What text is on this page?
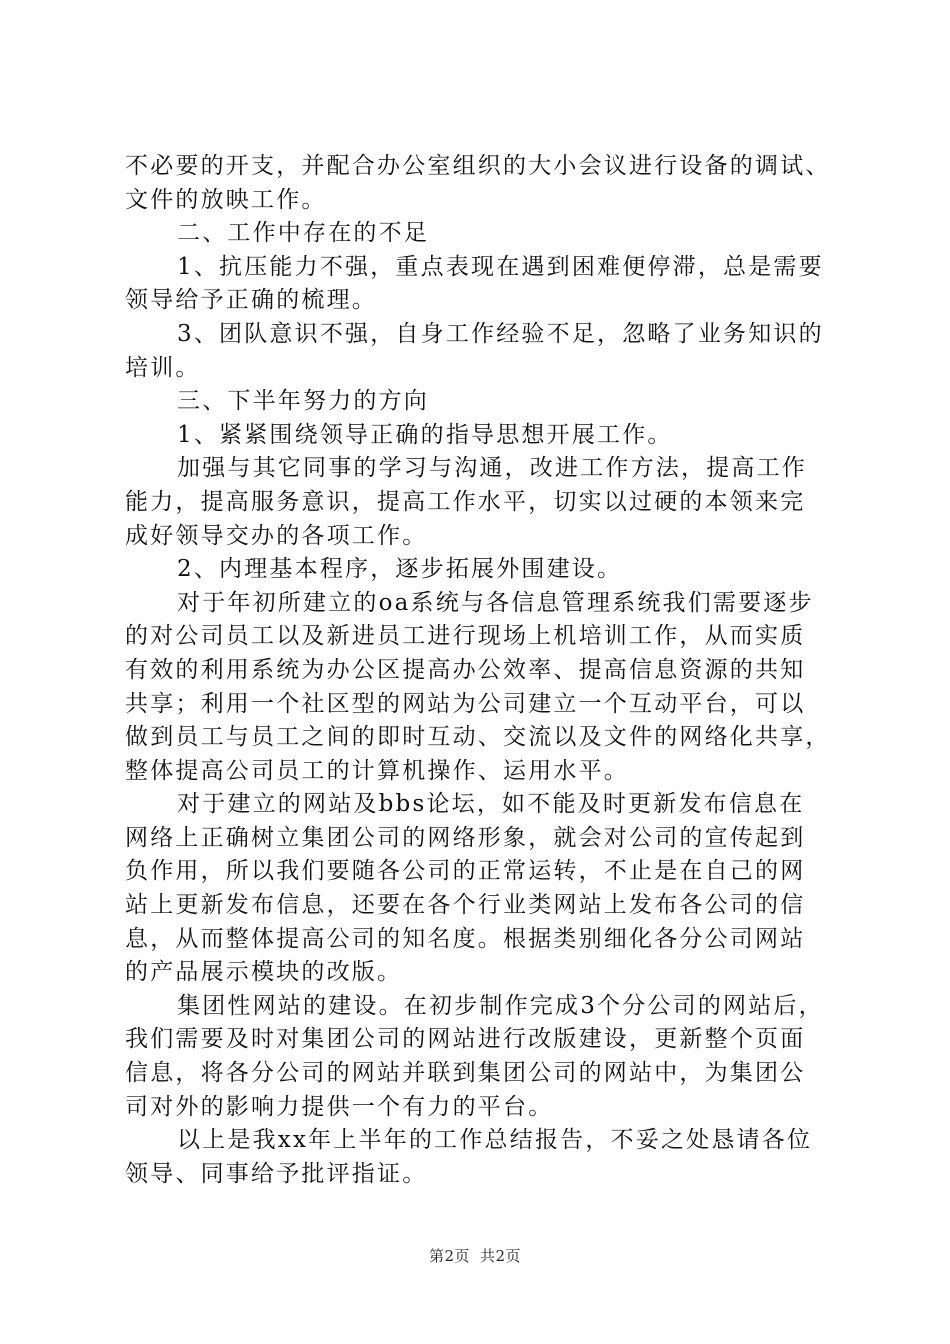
不必要的开支，并配合办公室组织的大小会议进行设备的调试、
文件的放映工作。
二、工作中存在的不足
1、抗压能力不强，重点表现在遇到困难便停滞，总是需要
领导给予正确的梳理。
3、团队意识不强，自身工作经验不足，忽略了业务知识的
培训。
三、下半年努力的方向
1、紧紧围绕领导正确的指导思想开展工作。
加强与其它同事的学习与沟通，改进工作方法，提高工作
能力，提高服务意识，提高工作水平，切实以过硬的本领来完
成好领导交办的各项工作。
2、内理基本程序，逐步拓展外围建设。
对于年初所建立的oa系统与各信息管理系统我们需要逐步
的对公司员工以及新进员工进行现场上机培训工作，从而实质
有效的利用系统为办公区提高办公效率、提高信息资源的共知
共享；利用一个社区型的网站为公司建立一个互动平台，可以
做到员工与员工之间的即时互动、交流以及文件的网络化共享，
整体提高公司员工的计算机操作、运用水平。
对于建立的网站及bbs论坛，如不能及时更新发布信息在
网络上正确树立集团公司的网络形象，就会对公司的宣传起到
负作用，所以我们要随各公司的正常运转，不止是在自己的网
站上更新发布信息，还要在各个行业类网站上发布各公司的信
息，从而整体提高公司的知名度。根据类别细化各分公司网站
的产品展示模块的改版。
集团性网站的建设。在初步制作完成3个分公司的网站后，
我们需要及时对集团公司的网站进行改版建设，更新整个页面
信息，将各分公司的网站并联到集团公司的网站中，为集团公
司对外的影响力提供一个有力的平台。
以上是我xx年上半年的工作总结报告，不妥之处恳请各位
领导、同事给予批评指证。
第2页 共2页
